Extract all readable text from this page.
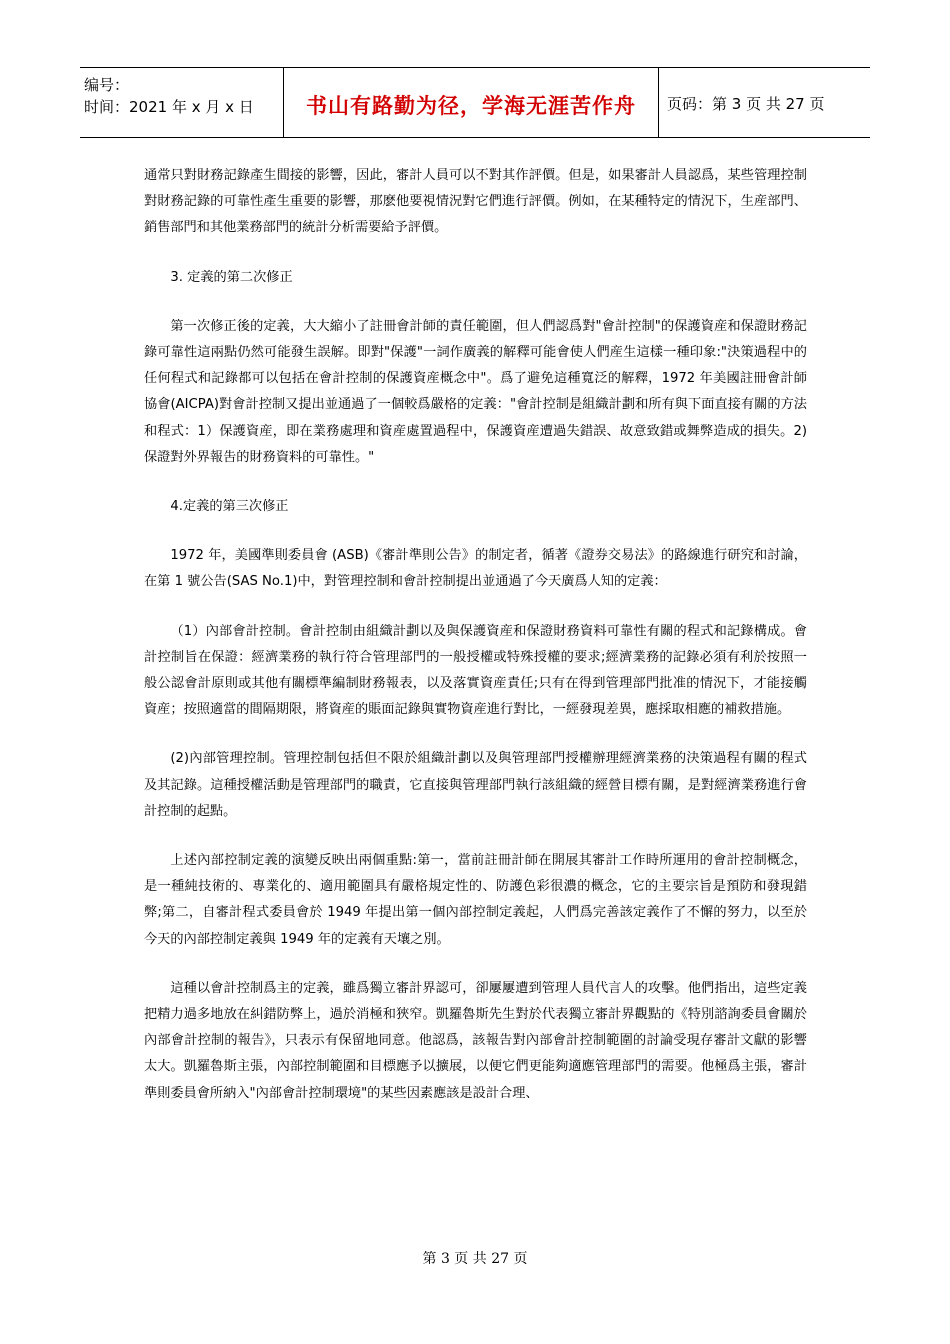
编号：
时间：2021 年 x 月 x 日	书山有路勤为径，学海无涯苦作舟	页码：第 3 页 共 27 页

通常只對財務記錄產生間接的影響，因此，審計人員可以不對其作評價。但是，如果審計人員認爲，某些管理控制對財務記錄的可靠性產生重要的影響，那麽他要視情況對它們進行評價。例如，在某種特定的情況下，生産部門、銷售部門和其他業務部門的統計分析需要給予評價。

3. 定義的第二次修正

第一次修正後的定義，大大縮小了註冊會計師的責任範圍，但人們認爲對"會計控制"的保護資産和保證財務記錄可靠性這兩點仍然可能發生誤解。即對"保護"一詞作廣義的解釋可能會使人們産生這樣一種印象:"決策過程中的任何程式和記錄都可以包括在會計控制的保護資産概念中"。爲了避免這種寬泛的解釋，1972 年美國註冊會計師協會(AICPA)對會計控制又提出並通過了一個較爲嚴格的定義："會計控制是組織計劃和所有與下面直接有關的方法和程式：1）保護資産，即在業務處理和資産處置過程中，保護資産遭過失錯誤、故意致錯或舞弊造成的損失。2)保證對外界報吿的財務資料的可靠性。"

4.定義的第三次修正

1972 年，美國準則委員會 (ASB)《審計準則公告》的制定者，循著《證券交易法》的路線進行研究和討論，在第 1 號公告(SAS No.1)中，對管理控制和會計控制提出並通過了今天廣爲人知的定義：

（1）內部會計控制。會計控制由組織計劃以及與保護資産和保證財務資料可靠性有關的程式和記錄構成。會計控制旨在保證：經濟業務的執行符合管理部門的一般授權或特殊授權的要求;經濟業務的記錄必須有利於按照一般公認會計原則或其他有關標準編制財務報表，以及落實資産責任;只有在得到管理部門批准的情況下，才能接觸資産；按照適當的間隔期限，將資産的賬面記錄與實物資産進行對比，一經發現差異，應採取相應的補救措施。

(2)內部管理控制。管理控制包括但不限於組織計劃以及與管理部門授權辦理經濟業務的決策過程有關的程式及其記錄。這種授權活動是管理部門的職責，它直接與管理部門執行該組織的經營目標有關，是對經濟業務進行會計控制的起點。

上述內部控制定義的演變反映出兩個重點:第一，當前註冊計師在開展其審計工作時所運用的會計控制概念，是一種純技術的、專業化的、適用範圍具有嚴格規定性的、防護色彩很濃的概念，它的主要宗旨是預防和發現錯弊;第二，自審計程式委員會於 1949 年提出第一個內部控制定義起，人們爲完善該定義作了不懈的努力，以至於今天的內部控制定義與 1949 年的定義有天壤之別。

這種以會計控制爲主的定義，雖爲獨立審計界認可，卻屢屢遭到管理人員代言人的攻擊。他們指出，這些定義把精力過多地放在糾錯防弊上，過於消極和狹窄。凱羅魯斯先生對於代表獨立審計界觀點的《特別諮詢委員會關於內部會計控制的報告》，只表示有保留地同意。他認爲，該報告對內部會計控制範圍的討論受現存審計文獻的影響太大。凱羅魯斯主張，內部控制範圍和目標應予以擴展，以便它們更能夠適應管理部門的需要。他極爲主張，審計準則委員會所納入"內部會計控制環境"的某些因素應該是設計合理、

第 3 页 共 27 页
